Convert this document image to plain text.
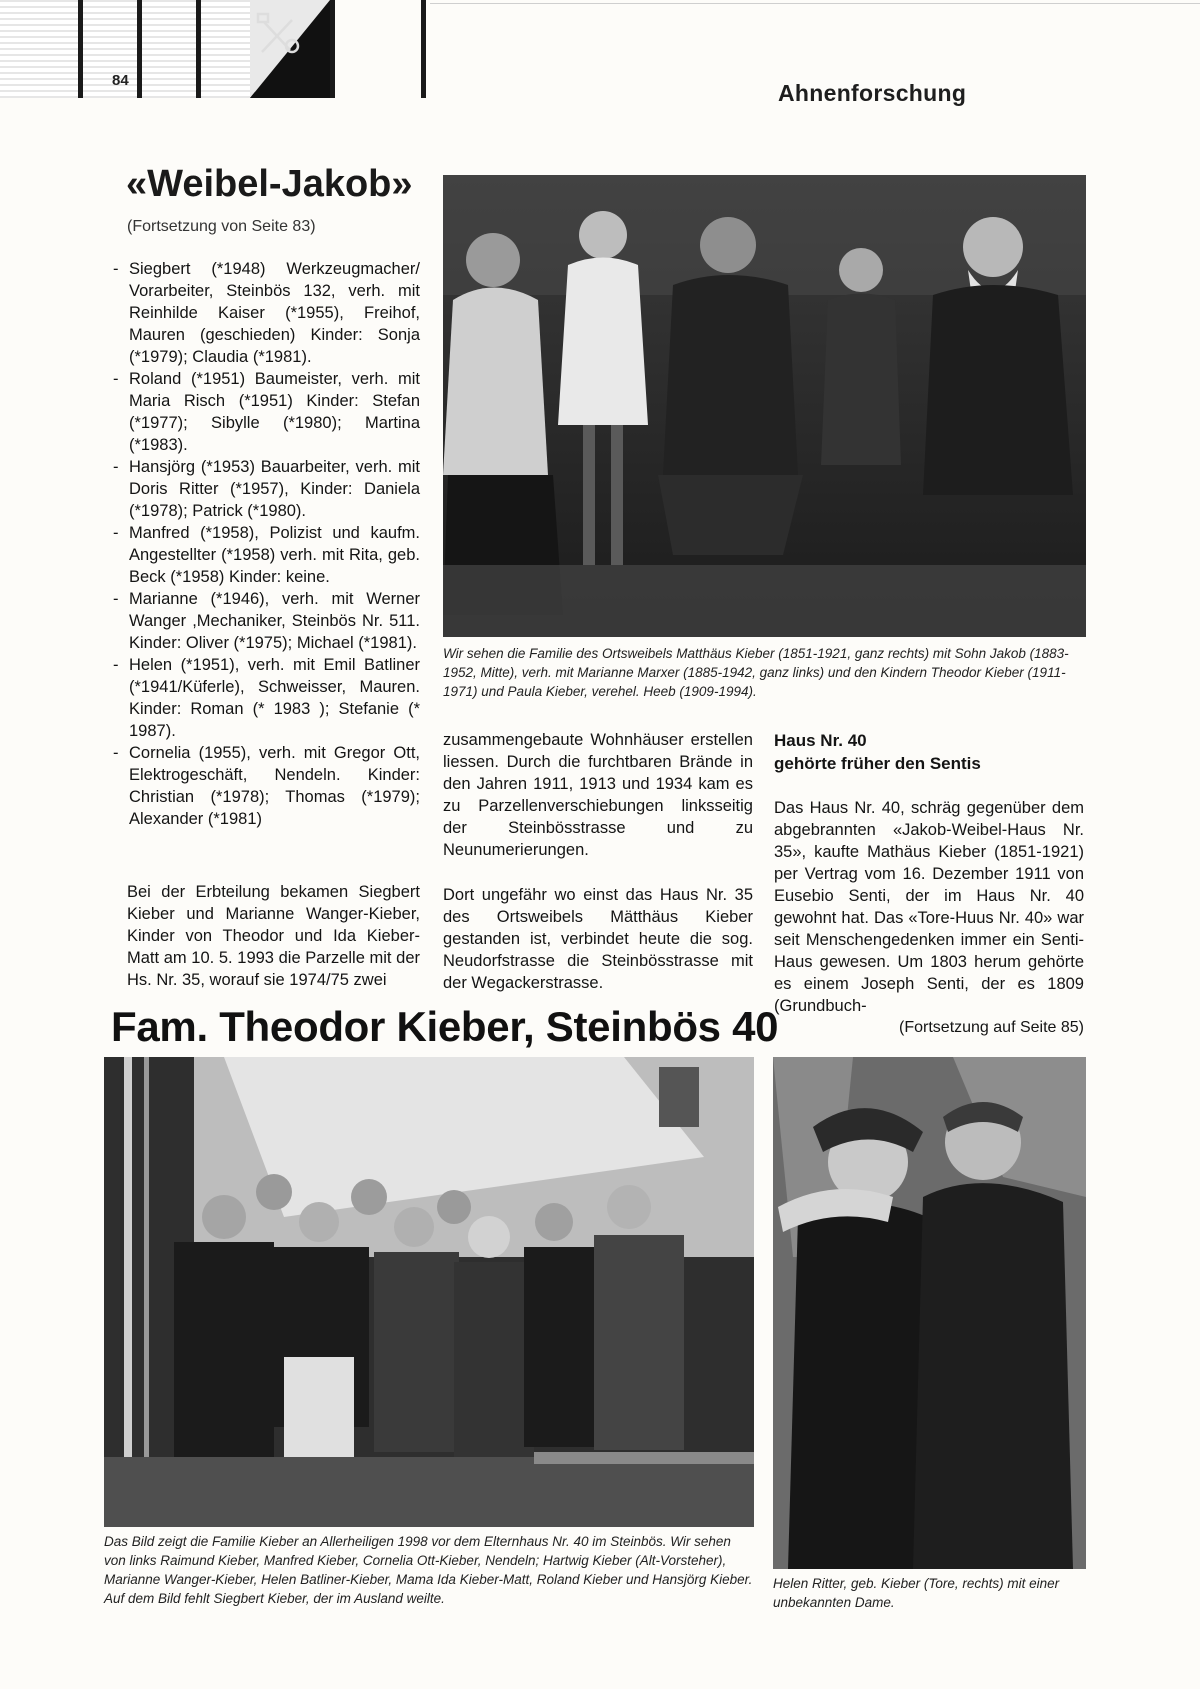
84	Ahnenforschung
«Weibel-Jakob»
(Fortsetzung von Seite 83)
- Siegbert (*1948) Werkzeugmacher/ Vorarbeiter, Steinbös 132, verh. mit Reinhilde Kaiser (*1955), Freihof, Mauren (geschieden) Kinder: Sonja (*1979); Claudia (*1981).
- Roland (*1951) Baumeister, verh. mit Maria Risch (*1951) Kinder: Stefan (*1977); Sibylle (*1980); Martina (*1983).
- Hansjörg (*1953) Bauarbeiter, verh. mit Doris Ritter (*1957), Kinder: Daniela (*1978); Patrick (*1980).
- Manfred (*1958), Polizist und kaufm. Angestellter (*1958) verh. mit Rita, geb. Beck (*1958) Kinder: keine.
- Marianne (*1946), verh. mit Werner Wanger ,Mechaniker, Steinbös Nr. 511. Kinder: Oliver (*1975); Michael (*1981).
- Helen (*1951), verh. mit Emil Batliner (*1941/Küferle), Schweisser, Mauren. Kinder: Roman (* 1983 ); Stefanie (* 1987).
- Cornelia (1955), verh. mit Gregor Ott, Elektrogeschäft, Nendeln. Kinder: Christian (*1978); Thomas (*1979); Alexander (*1981)

Bei der Erbteilung bekamen Siegbert Kieber und Marianne Wanger-Kieber, Kinder von Theodor und Ida Kieber-Matt am 10. 5. 1993 die Parzelle mit der Hs. Nr. 35, worauf sie 1974/75 zwei

Wir sehen die Familie des Ortsweibels Matthäus Kieber (1851-1921, ganz rechts) mit Sohn Jakob (1883-1952, Mitte), verh. mit Marianne Marxer (1885-1942, ganz links) und den Kindern Theodor Kieber (1911-1971) und Paula Kieber, verehel. Heeb (1909-1994).

zusammengebaute Wohnhäuser erstellen liessen. Durch die furchtbaren Brände in den Jahren 1911, 1913 und 1934 kam es zu Parzellenverschiebungen linksseitig der Steinbösstrasse und zu Neunumerierungen.

Dort ungefähr wo einst das Haus Nr. 35 des Ortsweibels Mätthäus Kieber gestanden ist, verbindet heute die sog. Neudorfstrasse die Steinbösstrasse mit der Wegackerstrasse.

Haus Nr. 40
gehörte früher den Sentis

Das Haus Nr. 40, schräg gegenüber dem abgebrannten «Jakob-Weibel-Haus Nr. 35», kaufte Mathäus Kieber (1851-1921) per Vertrag vom 16. Dezember 1911 von Eusebio Senti, der im Haus Nr. 40 gewohnt hat. Das «Tore-Huus Nr. 40» war seit Menschengedenken immer ein Senti-Haus gewesen. Um 1803 herum gehörte es einem Joseph Senti, der es 1809 (Grundbuch-

(Fortsetzung auf Seite 85)
Fam. Theodor Kieber, Steinbös 40
Das Bild zeigt die Familie Kieber an Allerheiligen 1998 vor dem Elternhaus Nr. 40 im Steinbös. Wir sehen von links Raimund Kieber, Manfred Kieber, Cornelia Ott-Kieber, Nendeln; Hartwig Kieber (Alt-Vorsteher), Marianne Wanger-Kieber, Helen Batliner-Kieber, Mama Ida Kieber-Matt, Roland Kieber und Hansjörg Kieber. Auf dem Bild fehlt Siegbert Kieber, der im Ausland weilte.
Helen Ritter, geb. Kieber (Tore, rechts) mit einer unbekannten Dame.
